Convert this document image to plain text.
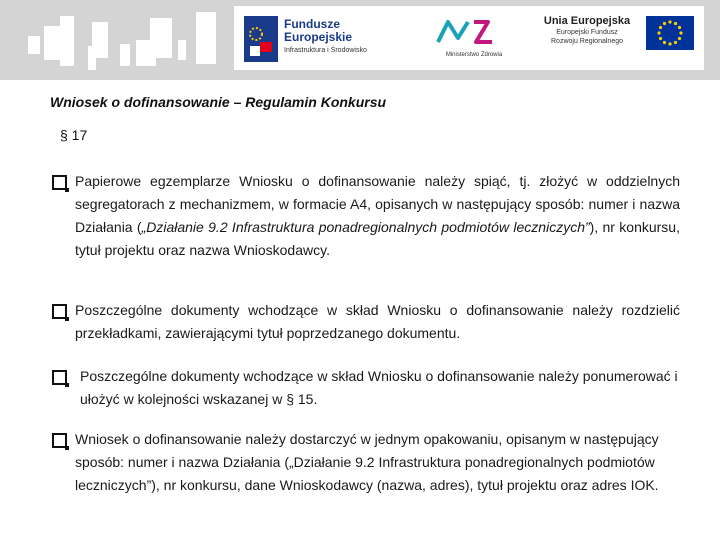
Fundusze
Europejskie
Infrastruktura i Środowisko
Ministerstwo Zdrowia
Unia Europejska
Europejski Fundusz
Rozwoju Regionalnego
Wniosek o dofinansowanie – Regulamin Konkursu
§ 17
Papierowe egzemplarze Wniosku o dofinansowanie należy spiąć, tj. złożyć w oddzielnych segregatorach z mechanizmem, w formacie A4, opisanych w następujący sposób: numer i nazwa Działania („Działanie 9.2 Infrastruktura ponadregionalnych podmiotów leczniczych”), nr konkursu, tytuł projektu oraz nazwa Wnioskodawcy.
Poszczególne dokumenty wchodzące w skład Wniosku o dofinansowanie należy rozdzielić przekładkami, zawierającymi tytuł poprzedzanego dokumentu.
Poszczególne dokumenty wchodzące w skład Wniosku o dofinansowanie należy ponumerować i ułożyć w kolejności wskazanej w § 15.
Wniosek o dofinansowanie należy dostarczyć w jednym opakowaniu, opisanym w następujący sposób: numer i nazwa Działania („Działanie 9.2 Infrastruktura ponadregionalnych podmiotów leczniczych”), nr konkursu, dane Wnioskodawcy (nazwa, adres), tytuł projektu oraz adres IOK.
